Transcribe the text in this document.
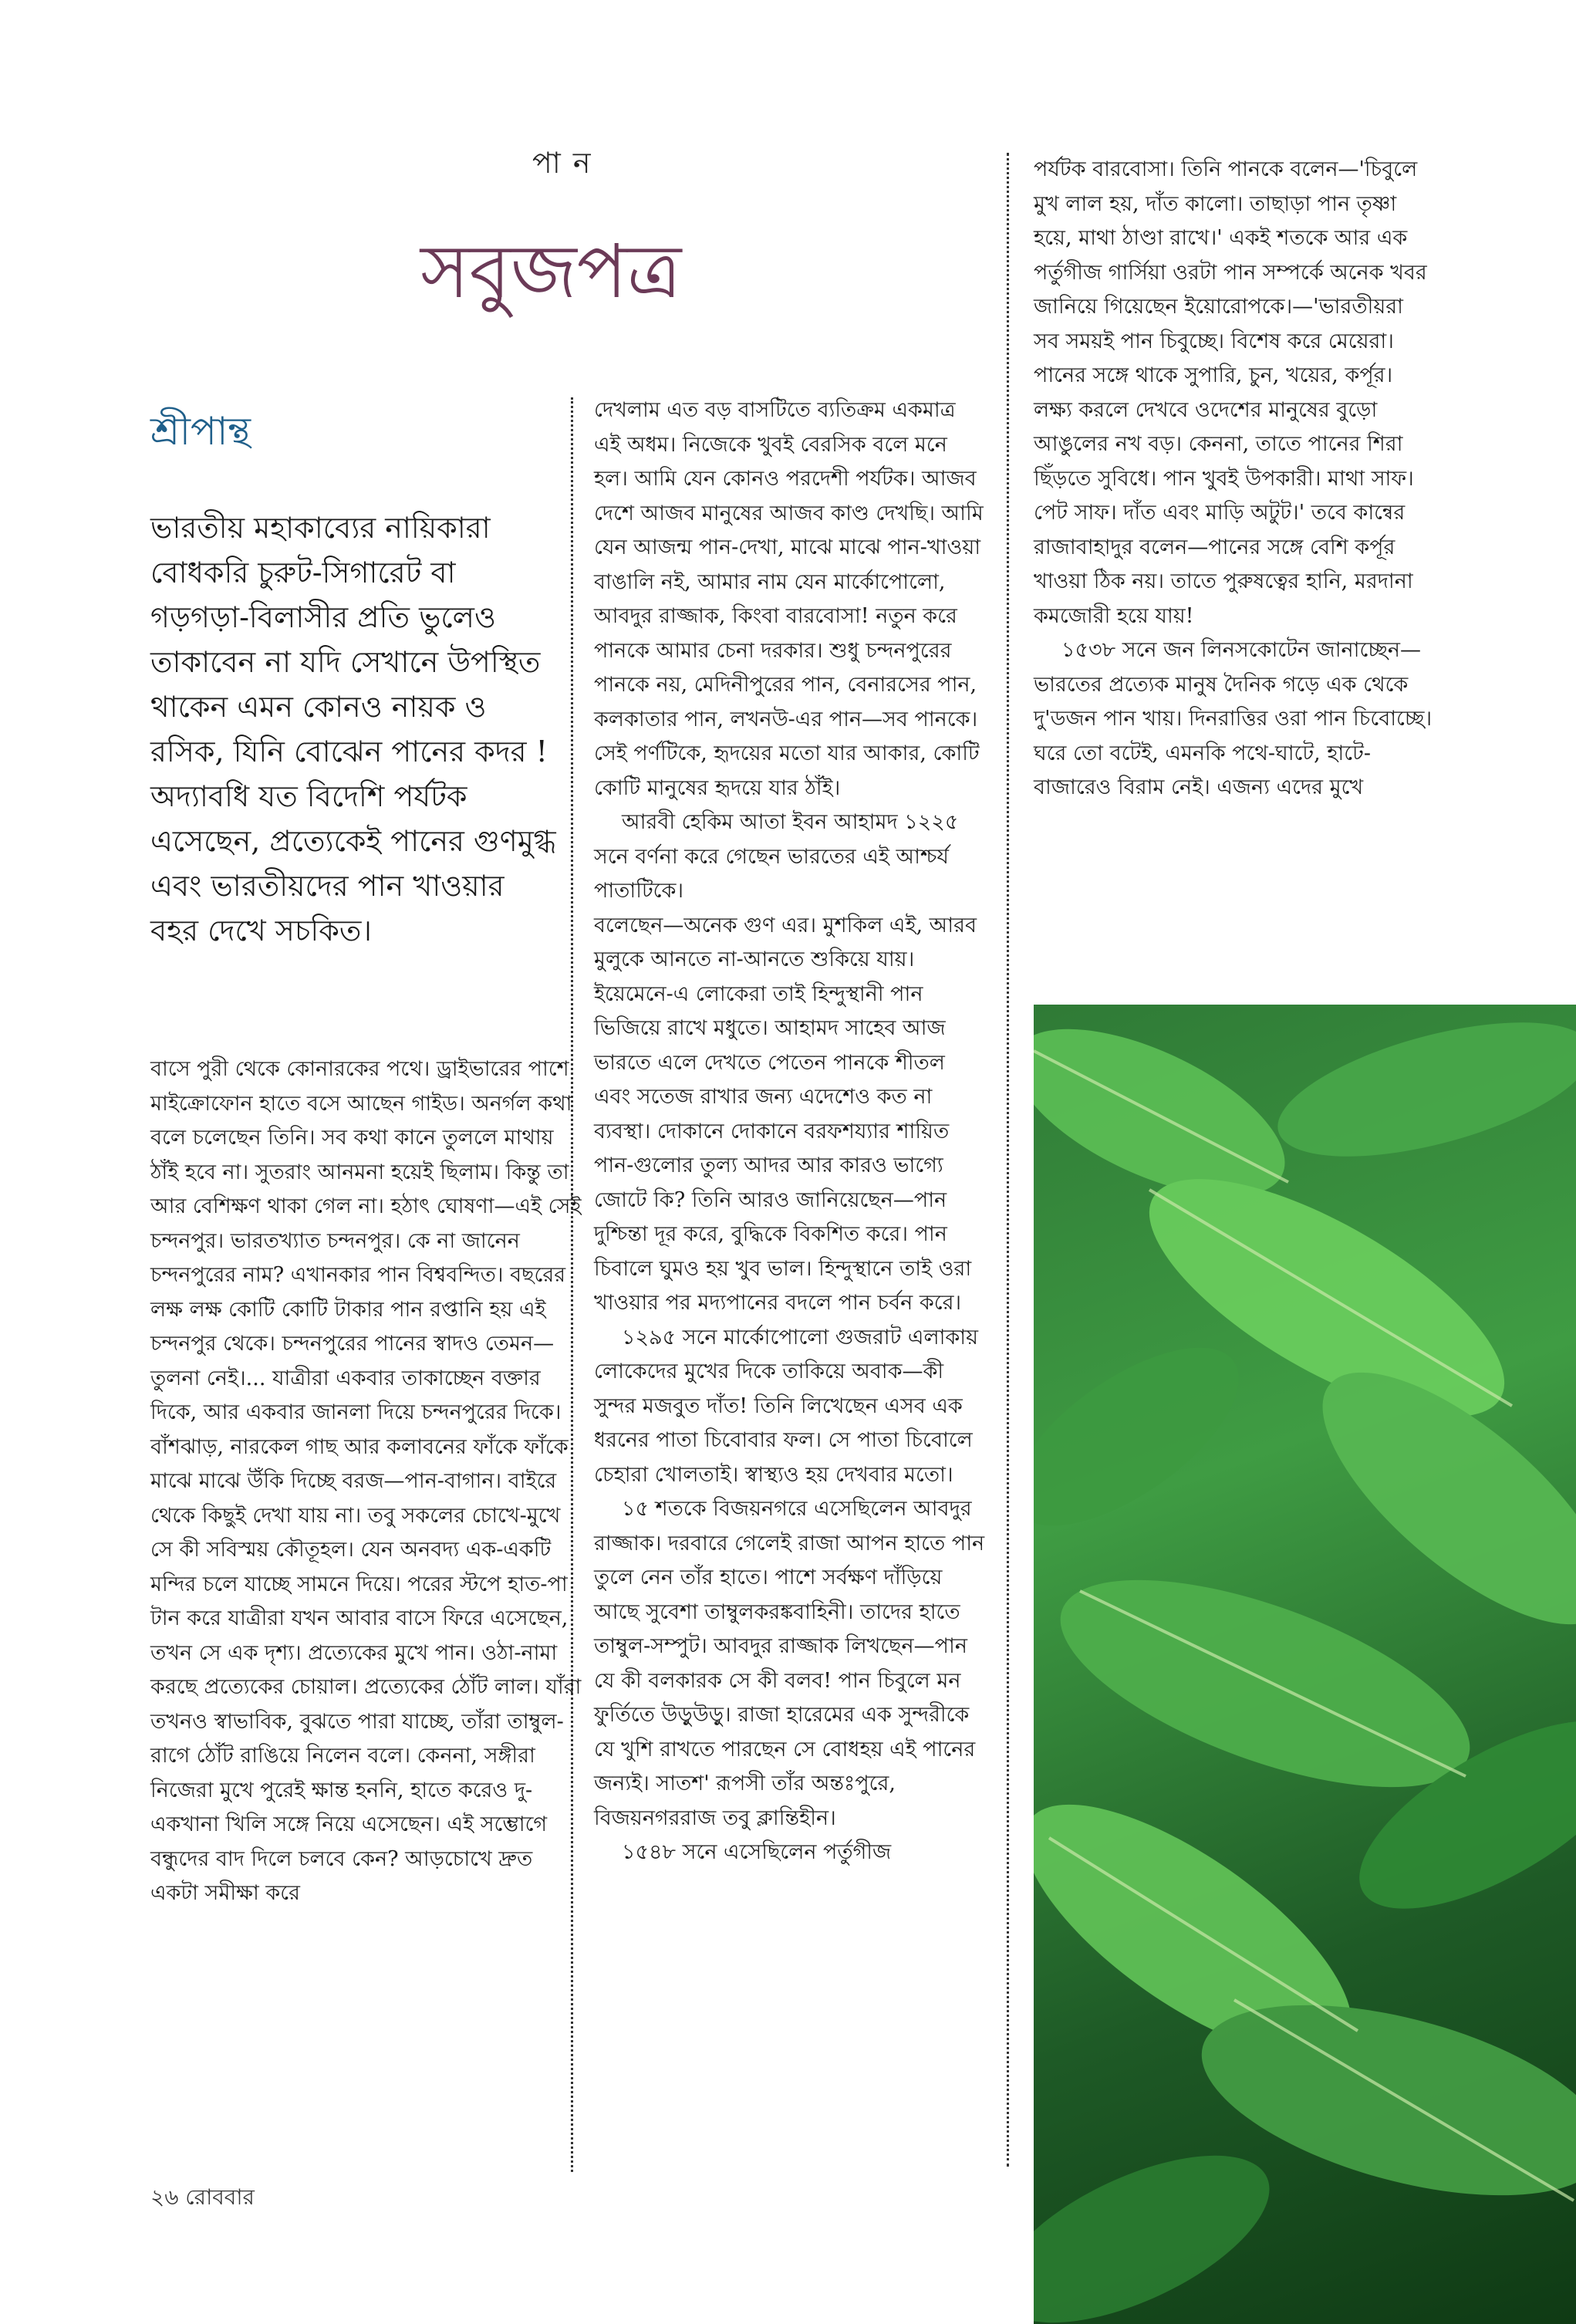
পা ন
সবুজপত্র
শ্রীপান্থ
ভারতীয় মহাকাব্যের নায়িকারা বোধকরি চুরুট-সিগারেট বা গড়গড়া-বিলাসীর প্রতি ভুলেও তাকাবেন না যদি সেখানে উপস্থিত থাকেন এমন কোনও নায়ক ও রসিক, যিনি বোঝেন পানের কদর ! অদ্যাবধি যত বিদেশি পর্যটক এসেছেন, প্রত্যেকেই পানের গুণমুগ্ধ এবং ভারতীয়দের পান খাওয়ার বহর দেখে সচকিত।

বাসে পুরী থেকে কোনারকের পথে। ড্রাইভারের পাশে মাইক্রোফোন হাতে বসে আছেন গাইড। অনর্গল কথা বলে চলেছেন তিনি। সব কথা কানে তুললে মাথায় ঠাঁই হবে না। সুতরাং আনমনা হয়েই ছিলাম। কিন্তু তা আর বেশিক্ষণ থাকা গেল না। হঠাৎ ঘোষণা—এই সেই চন্দনপুর। ভারতখ্যাত চন্দনপুর। কে না জানেন চন্দনপুরের নাম? এখানকার পান বিশ্ববন্দিত। বছরের লক্ষ লক্ষ কোটি কোটি টাকার পান রপ্তানি হয় এই চন্দনপুর থেকে। চন্দনপুরের পানের স্বাদও তেমন—তুলনা নেই।... যাত্রীরা একবার তাকাচ্ছেন বক্তার দিকে, আর একবার জানলা দিয়ে চন্দনপুরের দিকে। বাঁশঝাড়, নারকেল গাছ আর কলাবনের ফাঁকে ফাঁকে মাঝে মাঝে উঁকি দিচ্ছে বরজ—পান-বাগান। বাইরে থেকে কিছুই দেখা যায় না। তবু সকলের চোখে-মুখে সে কী সবিস্ময় কৌতূহল। যেন অনবদ্য এক-একটি মন্দির চলে যাচ্ছে সামনে দিয়ে। পরের স্টপে হাত-পা টান করে যাত্রীরা যখন আবার বাসে ফিরে এসেছেন, তখন সে এক দৃশ্য। প্রত্যেকের মুখে পান। ওঠা-নামা করছে প্রত্যেকের চোয়াল। প্রত্যেকের ঠোঁট লাল। যাঁরা তখনও স্বাভাবিক, বুঝতে পারা যাচ্ছে, তাঁরা তাম্বুল-রাগে ঠোঁট রাঙিয়ে নিলেন বলে। কেননা, সঙ্গীরা নিজেরা মুখে পুরেই ক্ষান্ত হননি, হাতে করেও দু-একখানা খিলি সঙ্গে নিয়ে এসেছেন। এই সম্ভোগে বন্ধুদের বাদ দিলে চলবে কেন? আড়চোখে দ্রুত একটা সমীক্ষা করে

দেখলাম এত বড় বাসটিতে ব্যতিক্রম একমাত্র এই অধম। নিজেকে খুবই বেরসিক বলে মনে হল। আমি যেন কোনও পরদেশী পর্যটক। আজব দেশে আজব মানুষের আজব কাণ্ড দেখছি। আমি যেন আজন্ম পান-দেখা, মাঝে মাঝে পান-খাওয়া বাঙালি নই, আমার নাম যেন মার্কোপোলো, আবদুর রাজ্জাক, কিংবা বারবোসা! নতুন করে পানকে আমার চেনা দরকার। শুধু চন্দনপুরের পানকে নয়, মেদিনীপুরের পান, বেনারসের পান, কলকাতার পান, লখনউ-এর পান—সব পানকে। সেই পর্ণটিকে, হৃদয়ের মতো যার আকার, কোটি কোটি মানুষের হৃদয়ে যার ঠাঁই।

আরবী হেকিম আতা ইবন আহামদ ১২২৫ সনে বর্ণনা করে গেছেন ভারতের এই আশ্চর্য পাতাটিকে।

বলেছেন—অনেক গুণ এর। মুশকিল এই, আরব মুলুকে আনতে না-আনতে শুকিয়ে যায়। ইয়েমেনে-এ লোকেরা তাই হিন্দুস্থানী পান ভিজিয়ে রাখে মধুতে। আহামদ সাহেব আজ ভারতে এলে দেখতে পেতেন পানকে শীতল এবং সতেজ রাখার জন্য এদেশেও কত না ব্যবস্থা। দোকানে দোকানে বরফশয্যার শায়িত পান-গুলোর তুল্য আদর আর কারও ভাগ্যে জোটে কি? তিনি আরও জানিয়েছেন—পান দুশ্চিন্তা দূর করে, বুদ্ধিকে বিকশিত করে। পান চিবালে ঘুমও হয় খুব ভাল। হিন্দুস্থানে তাই ওরা খাওয়ার পর মদ্যপানের বদলে পান চর্বন করে।

১২৯৫ সনে মার্কোপোলো গুজরাট এলাকায় লোকেদের মুখের দিকে তাকিয়ে অবাক—কী সুন্দর মজবুত দাঁত! তিনি লিখেছেন এসব এক ধরনের পাতা চিবোবার ফল। সে পাতা চিবোলে চেহারা খোলতাই। স্বাস্থ্যও হয় দেখবার মতো।

১৫ শতকে বিজয়নগরে এসেছিলেন আবদুর রাজ্জাক। দরবারে গেলেই রাজা আপন হাতে পান তুলে নেন তাঁর হাতে। পাশে সর্বক্ষণ দাঁড়িয়ে আছে সুবেশা তাম্বুলকরঙ্কবাহিনী। তাদের হাতে তাম্বুল-সম্পুট। আবদুর রাজ্জাক লিখছেন—পান যে কী বলকারক সে কী বলব! পান চিবুলে মন ফুর্তিতে উড়ুউড়ু। রাজা হারেমের এক সুন্দরীকে যে খুশি রাখতে পারছেন সে বোধহয় এই পানের জন্যই। সাতশ' রূপসী তাঁর অন্তঃপুরে, বিজয়নগররাজ তবু ক্লান্তিহীন।

১৫৪৮ সনে এসেছিলেন পর্তুগীজ

পর্যটক বারবোসা। তিনি পানকে বলেন—'চিবুলে মুখ লাল হয়, দাঁত কালো। তাছাড়া পান তৃষ্ণা হয়ে, মাথা ঠাণ্ডা রাখে।' একই শতকে আর এক পর্তুগীজ গার্সিয়া ওরটা পান সম্পর্কে অনেক খবর জানিয়ে গিয়েছেন ইয়োরোপকে।—'ভারতীয়রা সব সময়ই পান চিবুচ্ছে। বিশেষ করে মেয়েরা। পানের সঙ্গে থাকে সুপারি, চুন, খয়ের, কর্পূর। লক্ষ্য করলে দেখবে ওদেশের মানুষের বুড়ো আঙুলের নখ বড়। কেননা, তাতে পানের শিরা ছিঁড়তে সুবিধে। পান খুবই উপকারী। মাথা সাফ। পেট সাফ। দাঁত এবং মাড়ি অটুট।' তবে কান্বের রাজাবাহাদুর বলেন—পানের সঙ্গে বেশি কর্পূর খাওয়া ঠিক নয়। তাতে পুরুষত্বের হানি, মরদানা কমজোরী হয়ে যায়!

১৫৩৮ সনে জন লিনসকোটেন জানাচ্ছেন—ভারতের প্রত্যেক মানুষ দৈনিক গড়ে এক থেকে দু'ডজন পান খায়। দিনরাত্তির ওরা পান চিবোচ্ছে। ঘরে তো বটেই, এমনকি পথে-ঘাটে, হাটে-বাজারেও বিরাম নেই। এজন্য এদের মুখে

২৬ রোববার
